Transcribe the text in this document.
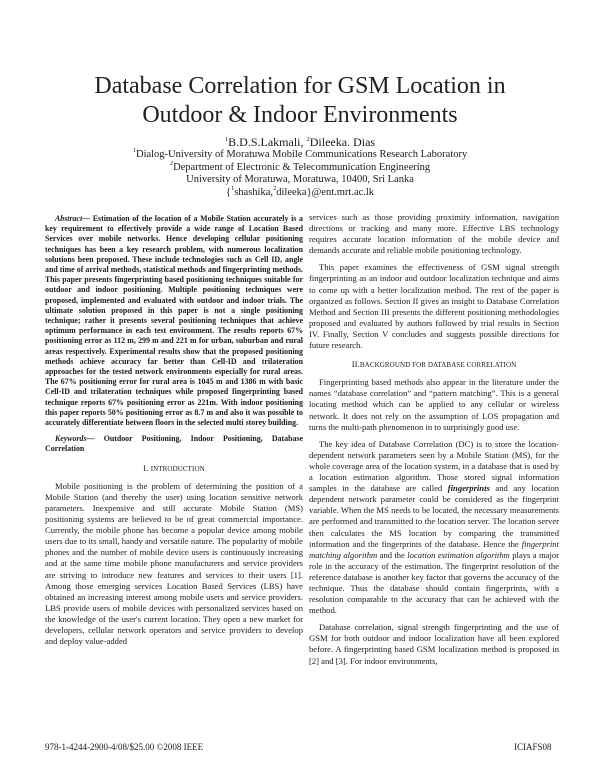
Database Correlation for GSM Location in
Outdoor & Indoor Environments
$^1$B.D.S.Lakmali, $^2$Dileeka. Dias
$^1$Dialog-University of Moratuwa Mobile Communications Research Laboratory
$^2$Department of Electronic & Telecommunication Engineering
University of Moratuwa, Moratuwa, 10400, Sri Lanka
{$^1$shashika,$^2$dileeka}@ent.mrt.ac.lk

Abstract— Estimation of the location of a Mobile Station accurately is a key requirement to effectively provide a wide range of Location Based Services over mobile networks. Hence developing cellular positioning techniques has been a key research problem, with numerous localization solutions been proposed. These include technologies such as Cell ID, angle and time of arrival methods, statistical methods and fingerprinting methods. This paper presents fingerprinting based positioning techniques suitable for outdoor and indoor positioning. Multiple positioning techniques were proposed, implemented and evaluated with outdoor and indoor trials. The ultimate solution proposed in this paper is not a single positioning technique; rather it presents several positioning techniques that achieve optimum performance in each test environment. The results reports 67% positioning error as 112 m, 299 m and 221 m for urban, suburban and rural areas respectively. Experimental results show that the proposed positioning methods achieve accuracy far better than Cell-ID and trilateration approaches for the tested network environments especially for rural areas. The 67% positioning error for rural area is 1045 m and 1386 m with basic Cell-ID and trilateration techniques while proposed fingerprinting based technique reports 67% positioning error as 221m. With indoor positioning this paper reports 50% positioning error as 8.7 m and also it was possible to accurately differentiate between floors in the selected multi storey building.

Keywords— Outdoor Positioning, Indoor Positioning, Database Correlation

I. INTRODUCTION

Mobile positioning is the problem of determining the position of a Mobile Station (and thereby the user) using location sensitive network parameters. Inexpensive and still accurate Mobile Station (MS) positioning systems are believed to be of great commercial importance. Currently, the mobile phone has become a popular device among mobile users due to its small, handy and versatile nature. The popularity of mobile phones and the number of mobile device users is continuously increasing and at the same time mobile phone manufacturers and service providers are striving to introduce new features and services to their users [1]. Among those emerging services Location Based Services (LBS) have obtained an increasing interest among mobile users and service providers. LBS provide users of mobile devices with personalized services based on the knowledge of the user's current location. They open a new market for developers, cellular network operators and service providers to develop and deploy value-added

services such as those providing proximity information, navigation directions or tracking and many more. Effective LBS technology requires accurate location information of the mobile device and demands accurate and reliable mobile positioning technology.

This paper examines the effectiveness of GSM signal strength fingerprinting as an indoor and outdoor localization technique and aims to come up with a better localization method. The rest of the paper is organized as follows. Section II gives an insight to Database Correlation Method and Section III presents the different positioning methodologies proposed and evaluated by authors followed by trial results in Section IV. Finally, Section V concludes and suggests possible directions for future research.

II.BACKGROUND FOR DATABASE CORRELATION

Fingerprinting based methods also appear in the literature under the names “database correlation” and “pattern matching”. This is a general locating method which can be applied to any cellular or wireless network. It does not rely on the assumption of LOS propagation and turns the multi-path phenomenon in to surprisingly good use.

The key idea of Database Correlation (DC) is to store the location-dependent network parameters seen by a Mobile Station (MS), for the whole coverage area of the location system, in a database that is used by a location estimation algorithm. Those stored signal information samples in the database are called fingerprints and any location dependent network parameter could be considered as the fingerprint variable. When the MS needs to be located, the necessary measurements are performed and transmitted to the location server. The location server then calculates the MS location by comparing the transmitted information and the fingerprints of the database. Hence the fingerprint matching algorithm and the location estimation algorithm plays a major role in the accuracy of the estimation. The fingerprint resolution of the reference database is another key factor that governs the accuracy of the technique. Thus the database should contain fingerprints, with a resolution comparable to the accuracy that can be achieved with the method.

Database correlation, signal strength fingerprinting and the use of GSM for both outdoor and indoor localization have all been explored before. A fingerprinting based GSM localization method is proposed in [2] and [3]. For indoor environments,

978-1-4244-2900-4/08/$25.00 ©2008 IEEE	ICIAFS08
